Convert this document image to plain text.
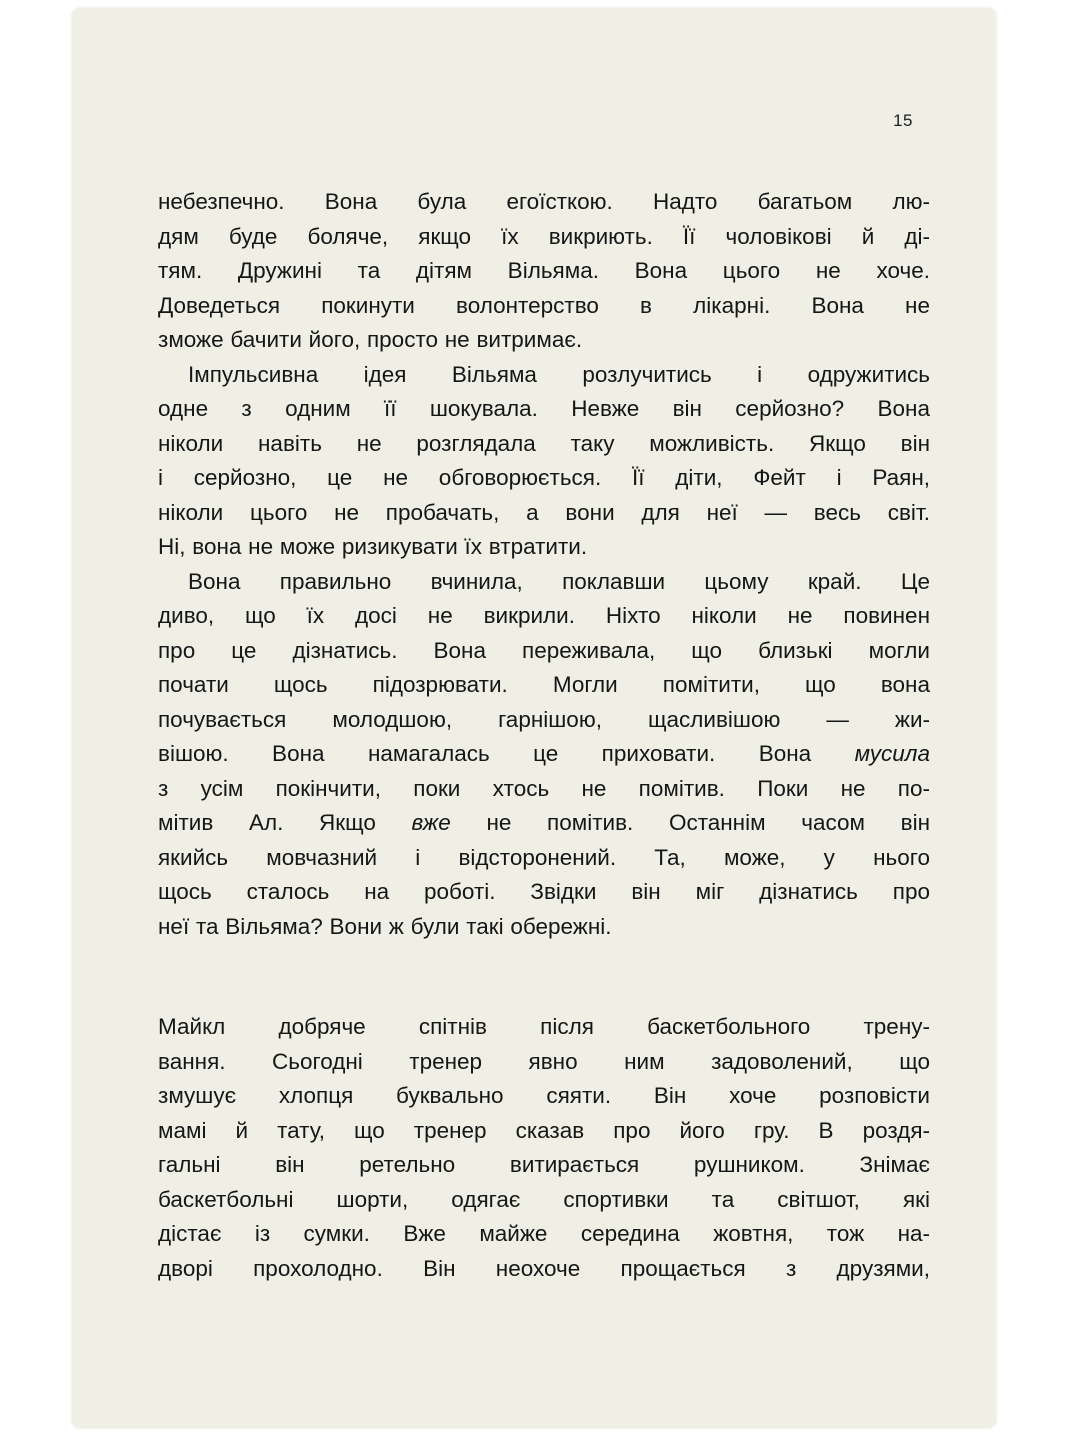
15
небезпечно. Вона була егоїсткою. Надто багатьом лю-
дям буде боляче, якщо їх викриють. Її чоловікові й ді-
тям. Дружині та дітям Вільяма. Вона цього не хоче.
Доведеться покинути волонтерство в лікарні. Вона не
зможе бачити його, просто не витримає.
Імпульсивна ідея Вільяма розлучитись і одружитись
одне з одним її шокувала. Невже він серйозно? Вона
ніколи навіть не розглядала таку можливість. Якщо він
і серйозно, це не обговорюється. Її діти, Фейт і Раян,
ніколи цього не пробачать, а вони для неї — весь світ.
Ні, вона не може ризикувати їх втратити.
Вона правильно вчинила, поклавши цьому край. Це
диво, що їх досі не викрили. Ніхто ніколи не повинен
про це дізнатись. Вона переживала, що близькі могли
почати щось підозрювати. Могли помітити, що вона
почувається молодшою, гарнішою, щасливішою — жи-
вішою. Вона намагалась це приховати. Вона мусила
з усім покінчити, поки хтось не помітив. Поки не по-
мітив Ал. Якщо вже не помітив. Останнім часом він
якийсь мовчазний і відсторонений. Та, може, у нього
щось сталось на роботі. Звідки він міг дізнатись про
неї та Вільяма? Вони ж були такі обережні.
Майкл добряче спітнів після баскетбольного трену-
вання. Сьогодні тренер явно ним задоволений, що
змушує хлопця буквально сяяти. Він хоче розповісти
мамі й тату, що тренер сказав про його гру. В роздя-
гальні він ретельно витирається рушником. Знімає
баскетбольні шорти, одягає спортивки та світшот, які
дістає із сумки. Вже майже середина жовтня, тож на-
дворі прохолодно. Він неохоче прощається з друзями,
